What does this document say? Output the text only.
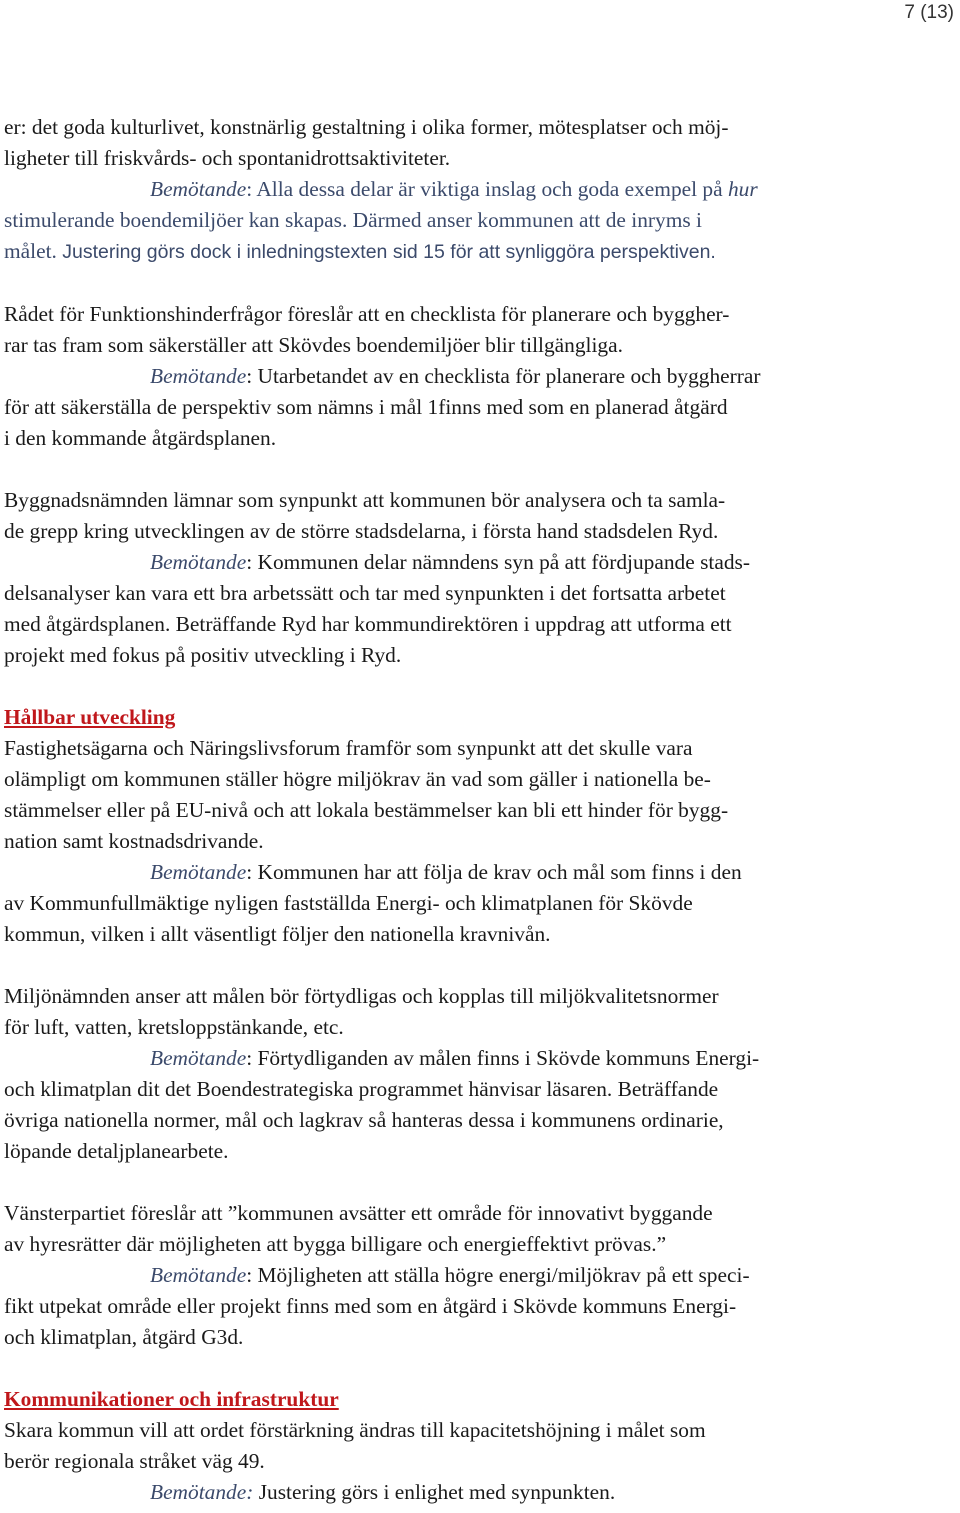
7 (13)
er: det goda kulturlivet, konstnärlig gestaltning i olika former, mötesplatser och möj-
ligheter till friskvårds- och spontanidrottsaktiviteter.
Bemötande: Alla dessa delar är viktiga inslag och goda exempel på hur
stimulerande boendemiljöer kan skapas. Därmed anser kommunen att de inryms i
målet. Justering görs dock i inledningstexten sid 15 för att synliggöra perspektiven.
Rådet för Funktionshinderfrågor föreslår att en checklista för planerare och byggher-
rar tas fram som säkerställer att Skövdes boendemiljöer blir tillgängliga.
Bemötande: Utarbetandet av en checklista för planerare och byggherrar
för att säkerställa de perspektiv som nämns i mål 1finns med som en planerad åtgärd
i den kommande åtgärdsplanen.
Byggnadsnämnden lämnar som synpunkt att kommunen bör analysera och ta samla-
de grepp kring utvecklingen av de större stadsdelarna, i första hand stadsdelen Ryd.
Bemötande: Kommunen delar nämndens syn på att fördjupande stads-
delsanalyser kan vara ett bra arbetssätt och tar med synpunkten i det fortsatta arbetet
med åtgärdsplanen. Beträffande Ryd har kommundirektören i uppdrag att utforma ett
projekt med fokus på positiv utveckling i Ryd.
Hållbar utveckling
Fastighetsägarna och Näringslivsforum framför som synpunkt att det skulle vara
olämpligt om kommunen ställer högre miljökrav än vad som gäller i nationella be-
stämmelser eller på EU-nivå och att lokala bestämmelser kan bli ett hinder för bygg-
nation samt kostnadsdrivande.
Bemötande: Kommunen har att följa de krav och mål som finns i den
av Kommunfullmäktige nyligen fastställda Energi- och klimatplanen för Skövde
kommun, vilken i allt väsentligt följer den nationella kravnivån.
Miljönämnden anser att målen bör förtydligas och kopplas till miljökvalitetsnormer
för luft, vatten, kretsloppstänkande, etc.
Bemötande: Förtydliganden av målen finns i Skövde kommuns Energi-
och klimatplan dit det Boendestrategiska programmet hänvisar läsaren. Beträffande
övriga nationella normer, mål och lagkrav så hanteras dessa i kommunens ordinarie,
löpande detaljplanearbete.
Vänsterpartiet föreslår att ”kommunen avsätter ett område för innovativt byggande
av hyresrätter där möjligheten att bygga billigare och energieffektivt prövas.”
Bemötande: Möjligheten att ställa högre energi/miljökrav på ett speci-
fikt utpekat område eller projekt finns med som en åtgärd i Skövde kommuns Energi-
och klimatplan, åtgärd G3d.
Kommunikationer och infrastruktur
Skara kommun vill att ordet förstärkning ändras till kapacitetshöjning i målet som
berör regionala stråket väg 49.
Bemötande: Justering görs i enlighet med synpunkten.
